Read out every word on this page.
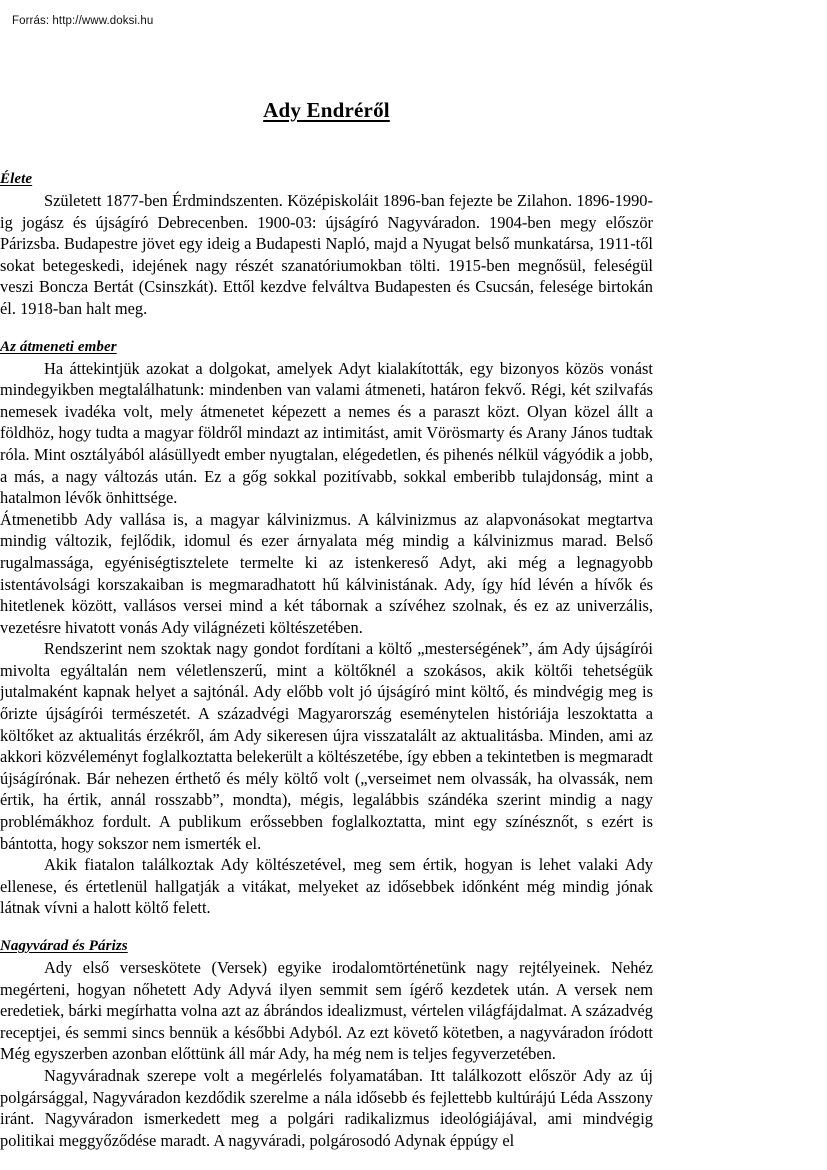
Forrás: http://www.doksi.hu
Ady Endréről
Élete

Született 1877-ben Érdmindszenten. Középiskoláit 1896-ban fejezte be Zilahon. 1896-1990-ig jogász és újságíró Debrecenben. 1900-03: újságíró Nagyváradon. 1904-ben megy először Párizsba. Budapestre jövet egy ideig a Budapesti Napló, majd a Nyugat belső munkatársa, 1911-től sokat betegeskedi, idejének nagy részét szanatóriumokban tölti. 1915-ben megnősül, feleségül veszi Boncza Bertát (Csinszkát). Ettől kezdve felváltva Budapesten és Csucsán, felesége birtokán él. 1918-ban halt meg.

Az átmeneti ember

Ha áttekintjük azokat a dolgokat, amelyek Adyt kialakították, egy bizonyos közös vonást mindegyikben megtalálhatunk: mindenben van valami átmeneti, határon fekvő. Régi, két szilvafás nemesek ivadéka volt, mely átmenetet képezett a nemes és a paraszt közt. Olyan közel állt a földhöz, hogy tudta a magyar földről mindazt az intimitást, amit Vörösmarty és Arany János tudtak róla. Mint osztályából alásüllyedt ember nyugtalan, elégedetlen, és pihenés nélkül vágyódik a jobb, a más, a nagy változás után. Ez a gőg sokkal pozitívabb, sokkal emberibb tulajdonság, mint a hatalmon lévők önhittsége.

Átmenetibb Ady vallása is, a magyar kálvinizmus. A kálvinizmus az alapvonásokat megtartva mindig változik, fejlődik, idomul és ezer árnyalata még mindig a kálvinizmus marad. Belső rugalmassága, egyéniségtisztelete termelte ki az istenkereső Adyt, aki még a legnagyobb istentávolsági korszakaiban is megmaradhatott hű kálvinistának. Ady, így híd lévén a hívők és hitetlenek között, vallásos versei mind a két tábornak a szívéhez szolnak, és ez az univerzális, vezetésre hivatott vonás Ady világnézeti költészetében.

Rendszerint nem szoktak nagy gondot fordítani a költő „mesterségének”, ám Ady újságírói mivolta egyáltalán nem véletlenszerű, mint a költőknél a szokásos, akik költői tehetségük jutalmaként kapnak helyet a sajtónál. Ady előbb volt jó újságíró mint költő, és mindvégig meg is őrizte újságírói természetét. A századvégi Magyarország eseménytelen históriája leszoktatta a költőket az aktualitás érzékről, ám Ady sikeresen újra visszatalált az aktualitásba. Minden, ami az akkori közvéleményt foglalkoztatta belekerült a költészetébe, így ebben a tekintetben is megmaradt újságírónak. Bár nehezen érthető és mély költő volt („verseimet nem olvassák, ha olvassák, nem értik, ha értik, annál rosszabb”, mondta), mégis, legalábbis szándéka szerint mindig a nagy problémákhoz fordult. A publikum erőssebben foglalkoztatta, mint egy színésznőt, s ezért is bántotta, hogy sokszor nem ismerték el.

Akik fiatalon találkoztak Ady költészetével, meg sem értik, hogyan is lehet valaki Ady ellenese, és értetlenül hallgatják a vitákat, melyeket az idősebbek időnként még mindig jónak látnak vívni a halott költő felett.

Nagyvárad és Párizs

Ady első verseskötete (Versek) egyike irodalomtörténetünk nagy rejtélyeinek. Nehéz megérteni, hogyan nőhetett Ady Adyvá ilyen semmit sem ígérő kezdetek után. A versek nem eredetiek, bárki megírhatta volna azt az ábrándos idealizmust, vértelen világfájdalmat. A századvég receptjei, és semmi sincs bennük a későbbi Adyból. Az ezt követő kötetben, a nagyváradon íródott Még egyszerben azonban előttünk áll már Ady, ha még nem is teljes fegyverzetében.

Nagyváradnak szerepe volt a megérlelés folyamatában. Itt találkozott először Ady az új polgársággal, Nagyváradon kezdődik szerelme a nála idősebb és fejlettebb kultúrájú Léda Asszony iránt. Nagyváradon ismerkedett meg a polgári radikalizmus ideológiájával, ami mindvégig politikai meggyőződése maradt. A nagyváradi, polgárosodó Adynak éppúgy el
